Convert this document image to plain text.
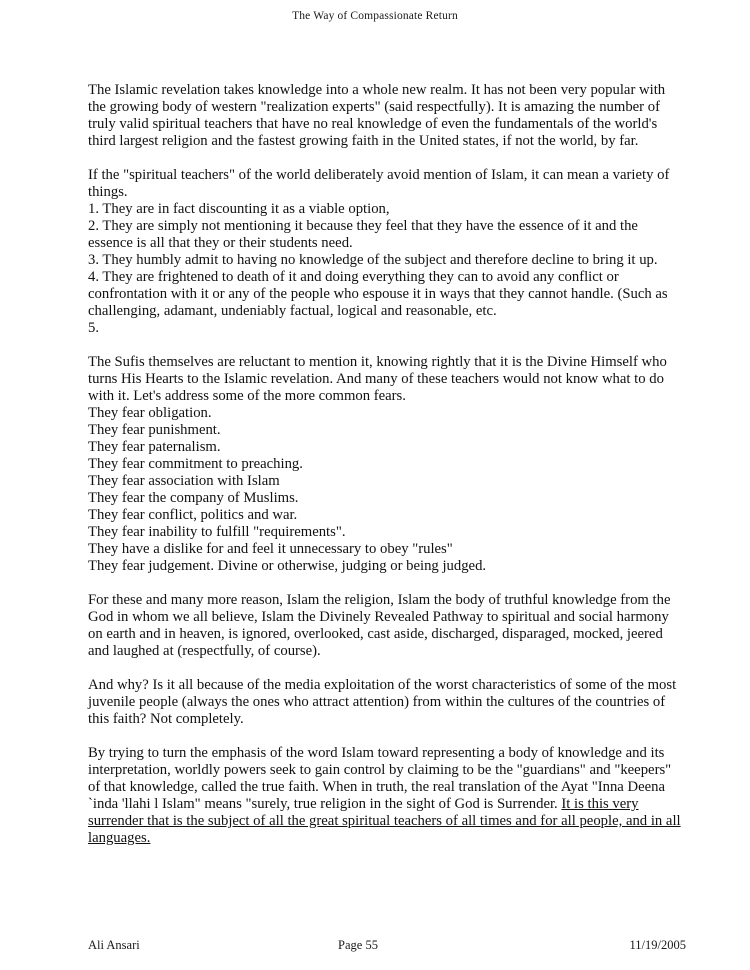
The Way of Compassionate Return

The Islamic revelation takes knowledge into a whole new realm. It has not been very popular with the growing body of western "realization experts" (said respectfully). It is amazing the number of truly valid spiritual teachers that have no real knowledge of even the fundamentals of the world's third largest religion and the fastest growing faith in the United states, if not the world, by far.

If the "spiritual teachers" of the world deliberately avoid mention of Islam, it can mean a variety of things.

1. They are in fact discounting it as a viable option,

2. They are simply not mentioning it because they feel that they have the essence of it and the essence is all that they or their students need.

3. They humbly admit to having no knowledge of the subject and therefore decline to bring it up.

4. They are frightened to death of it and doing everything they can to avoid any conflict or confrontation with it or any of the people who espouse it in ways that they cannot handle. (Such as challenging, adamant, undeniably factual, logical and reasonable, etc.

5.

The Sufis themselves are reluctant to mention it, knowing rightly that it is the Divine Himself who turns His Hearts to the Islamic revelation. And many of these teachers would not know what to do with it. Let's address some of the more common fears.

They fear obligation.

They fear punishment.

They fear paternalism.

They fear commitment to preaching.

They fear association with Islam

They fear the company of Muslims.

They fear conflict, politics and war.

They fear inability to fulfill "requirements".

They have a dislike for and feel it unnecessary to obey "rules"

They fear judgement. Divine or otherwise, judging or being judged.

For these and many more reason, Islam the religion, Islam the body of truthful knowledge from the God in whom we all believe, Islam the Divinely Revealed Pathway to spiritual and social harmony on earth and in heaven, is ignored, overlooked, cast aside, discharged, disparaged, mocked, jeered and laughed at (respectfully, of course).

And why? Is it all because of the media exploitation of the worst characteristics of some of the most juvenile people (always the ones who attract attention) from within the cultures of the countries of this faith? Not completely.

By trying to turn the emphasis of the word Islam toward representing a body of knowledge and its interpretation, worldly powers seek to gain control by claiming to be the "guardians" and "keepers" of that knowledge, called the true faith. When in truth, the real translation of the Ayat "Inna Deena `inda 'llahi l Islam" means "surely, true religion in the sight of God is Surrender. It is this very surrender that is the subject of all the great spiritual teachers of all times and for all people, and in all languages.

Ali Ansari	Page 55	11/19/2005
